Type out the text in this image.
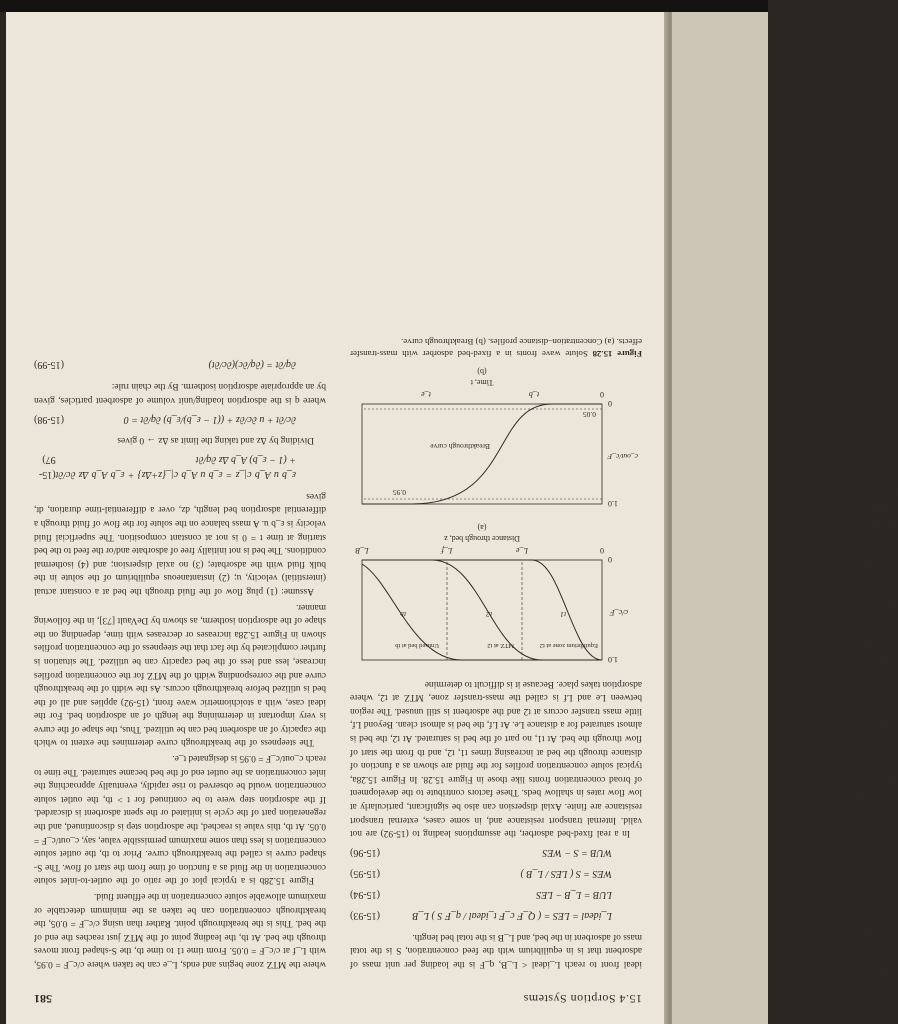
15.4 Sorption Systems
581

ideal front to reach L_ideal < L_B, q_F is the loading per unit mass of adsorbent that is in equilibrium with the feed concentration, S is the total mass of adsorbent in the bed, and L_B is the total bed length.

L_ideal = LES = ( Q_F c_F t_ideal / q_F S ) L_B
(15-93)
LUB = L_B − LES
(15-94)
WES = S ( LES / L_B )
(15-95)
WUB = S − WES
(15-96)

In a real fixed-bed adsorber, the assumptions leading to (15-92) are not valid. Internal transport resistance and, in some cases, external transport resistance are finite. Axial dispersion can also be significant, particularly at low flow rates in shallow beds. These factors contribute to the development of broad concentration fronts like those in Figure 15.28. In Figure 15.28a, typical solute concentration profiles for the fluid are shown as a function of distance through the bed at increasing times t1, t2, and tb from the start of flow through the bed. At t1, no part of the bed is saturated. At t2, the bed is almost saturated for a distance Le. At Lf, the bed is almost clean. Beyond Lf, little mass transfer occurs at t2 and the adsorbent is still unused. The region between Le and Lf is called the mass-transfer zone, MTZ at t2, where adsorption takes place. Because it is difficult to determine

1.0
0
c/c_F
0
L_e
L_f
L_B
Distance through bed, z
(a)
t1
t2
tb
Equilibrium zone at t2
MTZ at t2
Unused bed at tb
1.0
0
c_out/c_F
0.95
0.05
Breakthrough curve
0
t_b
t_e
Time, t
(b)
Figure 15.28 Solute wave fronts in a fixed-bed adsorber with mass-transfer effects. (a) Concentration–distance profiles. (b) Breakthrough curve.

where the MTZ zone begins and ends, L_e can be taken where c/c_F = 0.95, with L_f at c/c_F = 0.05. From time t1 to time tb, the S-shaped front moves through the bed. At tb, the leading point of the MTZ just reaches the end of the bed. This is the breakthrough point. Rather than using c/c_F = 0.05, the breakthrough concentration can be taken as the minimum detectable or maximum allowable solute concentration in the effluent fluid.

Figure 15.28b is a typical plot of the ratio of the outlet-to-inlet solute concentration in the fluid as a function of time from the start of flow. The S-shaped curve is called the breakthrough curve. Prior to tb, the outlet solute concentration is less than some maximum permissible value, say, c_out/c_F = 0.05. At tb, this value is reached, the adsorption step is discontinued, and the regeneration part of the cycle is initiated or the spent adsorbent is discarded. If the adsorption step were to be continued for t > tb, the outlet solute concentration would be observed to rise rapidly, eventually approaching the inlet concentration as the outlet end of the bed became saturated. The time to reach c_out/c_F = 0.95 is designated t_e.

The steepness of the breakthrough curve determines the extent to which the capacity of an adsorbent bed can be utilized. Thus, the shape of the curve is very important in determining the length of an adsorption bed. For the ideal case, with a stoichiometric wave front, (15-92) applies and all of the bed is utilized before breakthrough occurs. As the width of the breakthrough curve and the corresponding width of the MTZ for the concentration profiles increase, less and less of the bed capacity can be utilized. The situation is further complicated by the fact that the steepness of the concentration profiles shown in Figure 15.28a increases or decreases with time, depending on the shape of the adsorption isotherm, as shown by DeVault [73], in the following manner.

Assume: (1) plug flow of the fluid through the bed at a constant actual (interstitial) velocity, u; (2) instantaneous equilibrium of the solute in the bulk fluid with the adsorbate; (3) no axial dispersion; and (4) isothermal conditions. The bed is not initially free of adsorbate and/or the feed to the bed starting at time t = 0 is not at constant composition. The superficial fluid velocity is ε_b u. A mass balance on the solute for the flow of fluid through a differential adsorption bed length, dz, over a differential-time duration, dt, gives

ε_b u A_b c|_z = ε_b u A_b c|_{z+Δz} + ε_b A_b Δz ∂c/∂t + (1 − ε_b) A_b Δz ∂q/∂t
(15-97)

Dividing by Δz and taking the limit as Δz → 0 gives

∂c/∂t + u ∂c/∂z + ((1 − ε_b)/ε_b) ∂q/∂t = 0
(15-98)

where q is the adsorption loading/unit volume of adsorbent particles, given by an appropriate adsorption isotherm. By the chain rule:

∂q/∂t = (∂q/∂c)(∂c/∂t)
(15-99)
A fixed bed is
separation,
d of adsorbent,
at (the solute),
ances are very
ersion is neg-
adsorbate; and
at is achieved
15.27, in a
that moves as
This is ideal
tream of the
and the con-
ed, c_F. The
= in equilib-
the bed sec-
respectively,
ed the equi-
ent. Down-
t fluid, the
l the adsor-
ely, where
c time, the
d, the con-
o the inlet
e adsorp-
the break-
the ideal
the con-
ption of
adsorption
e loading
= f{c_F},
sotherm.
through
ordingly:
(15-92)
the con-
e for an
ction
retic
